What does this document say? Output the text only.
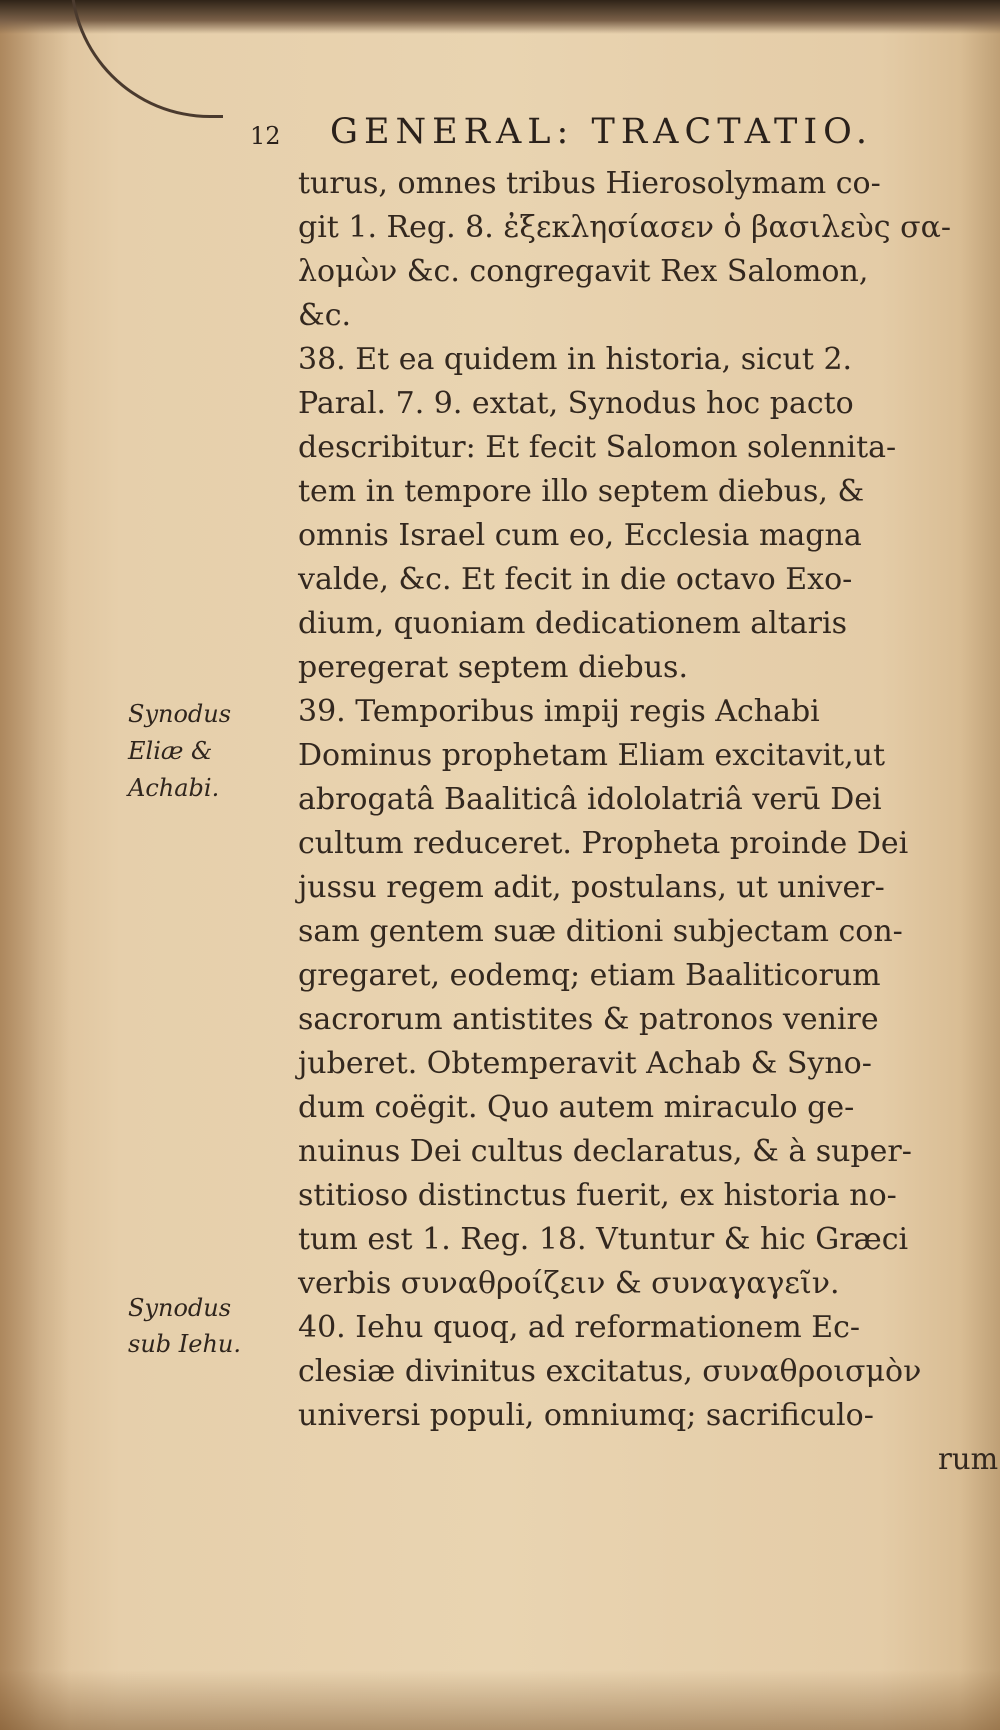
12 GENERAL: TRACTATIO.
turus, omnes tribus Hierosolymam co-
git 1. Reg. 8. ἐξεκλησίασεν ὁ βασιλεὺς σα-
λομὼν &c. congregavit Rex Salomon,
&c.
38. Et ea quidem in historia, sicut 2.
Paral. 7. 9. extat, Synodus hoc pacto
describitur: Et fecit Salomon solennita-
tem in tempore illo septem diebus, &
omnis Israel cum eo, Ecclesia magna
valde, &c. Et fecit in die octavo Exo-
dium, quoniam dedicationem altaris
peregerat septem diebus.
39. Temporibus impij regis Achabi
Dominus prophetam Eliam excitavit,ut
abrogatâ Baaliticâ idololatriâ verū Dei
cultum reduceret. Propheta proinde Dei
jussu regem adit, postulans, ut univer-
sam gentem suæ ditioni subjectam con-
gregaret, eodemq; etiam Baaliticorum
sacrorum antistites & patronos venire
juberet. Obtemperavit Achab & Syno-
dum coëgit. Quo autem miraculo ge-
nuinus Dei cultus declaratus, & à super-
stitioso distinctus fuerit, ex historia no-
tum est 1. Reg. 18. Vtuntur & hic Græci
verbis συναθροίζειν & συναγαγεῖν.
40. Iehu quoq, ad reformationem Ec-
clesiæ divinitus excitatus, συναθροισμὸν
universi populi, omniumq; sacrificulo-
rum
Synodus
Eliæ &
Achabi.
Synodus
sub Iehu.
